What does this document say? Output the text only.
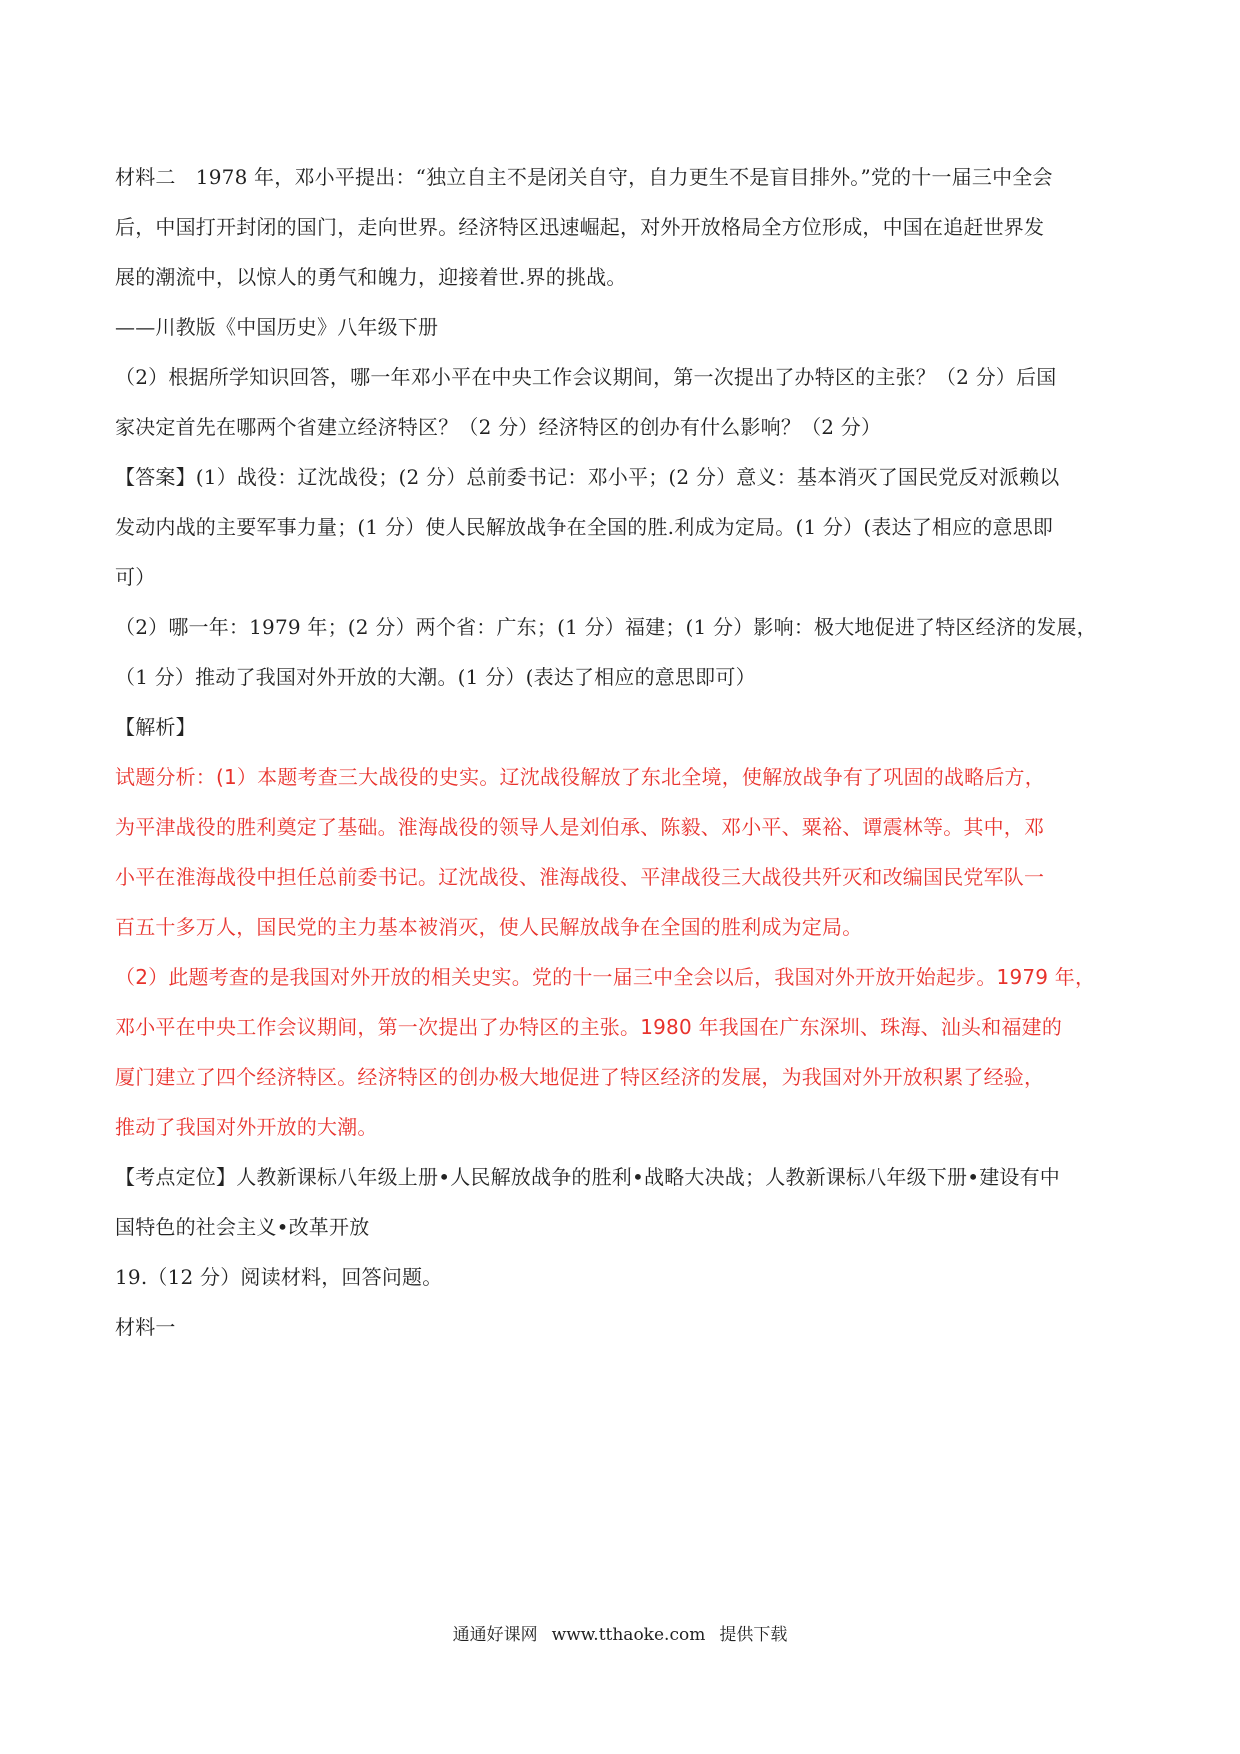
材料二　1978 年，邓小平提出：“独立自主不是闭关自守，自力更生不是盲目排外。”党的十一届三中全会
后，中国打开封闭的国门，走向世界。经济特区迅速崛起，对外开放格局全方位形成，中国在追赶世界发
展的潮流中，以惊人的勇气和魄力，迎接着世.界的挑战。
——川教版《中国历史》八年级下册
（2）根据所学知识回答，哪一年邓小平在中央工作会议期间，第一次提出了办特区的主张？（2 分）后国
家决定首先在哪两个省建立经济特区？（2 分）经济特区的创办有什么影响？（2 分）
【答案】(1）战役：辽沈战役；(2 分）总前委书记：邓小平；(2 分）意义：基本消灭了国民党反对派赖以
发动内战的主要军事力量；(1 分）使人民解放战争在全国的胜.利成为定局。(1 分）(表达了相应的意思即
可）
（2）哪一年：1979 年；(2 分）两个省：广东；(1 分）福建；(1 分）影响：极大地促进了特区经济的发展，
（1 分）推动了我国对外开放的大潮。(1 分）(表达了相应的意思即可）
【解析】
试题分析：(1）本题考查三大战役的史实。辽沈战役解放了东北全境，使解放战争有了巩固的战略后方，
为平津战役的胜利奠定了基础。淮海战役的领导人是刘伯承、陈毅、邓小平、粟裕、谭震林等。其中，邓
小平在淮海战役中担任总前委书记。辽沈战役、淮海战役、平津战役三大战役共歼灭和改编国民党军队一
百五十多万人，国民党的主力基本被消灭，使人民解放战争在全国的胜利成为定局。
（2）此题考查的是我国对外开放的相关史实。党的十一届三中全会以后，我国对外开放开始起步。1979 年，
邓小平在中央工作会议期间，第一次提出了办特区的主张。1980 年我国在广东深圳、珠海、汕头和福建的
厦门建立了四个经济特区。经济特区的创办极大地促进了特区经济的发展，为我国对外开放积累了经验，
推动了我国对外开放的大潮。
【考点定位】人教新课标八年级上册•人民解放战争的胜利•战略大决战；人教新课标八年级下册•建设有中
国特色的社会主义•改革开放
19.（12 分）阅读材料，回答问题。
材料一
通通好课网 www.tthaoke.com 提供下载
